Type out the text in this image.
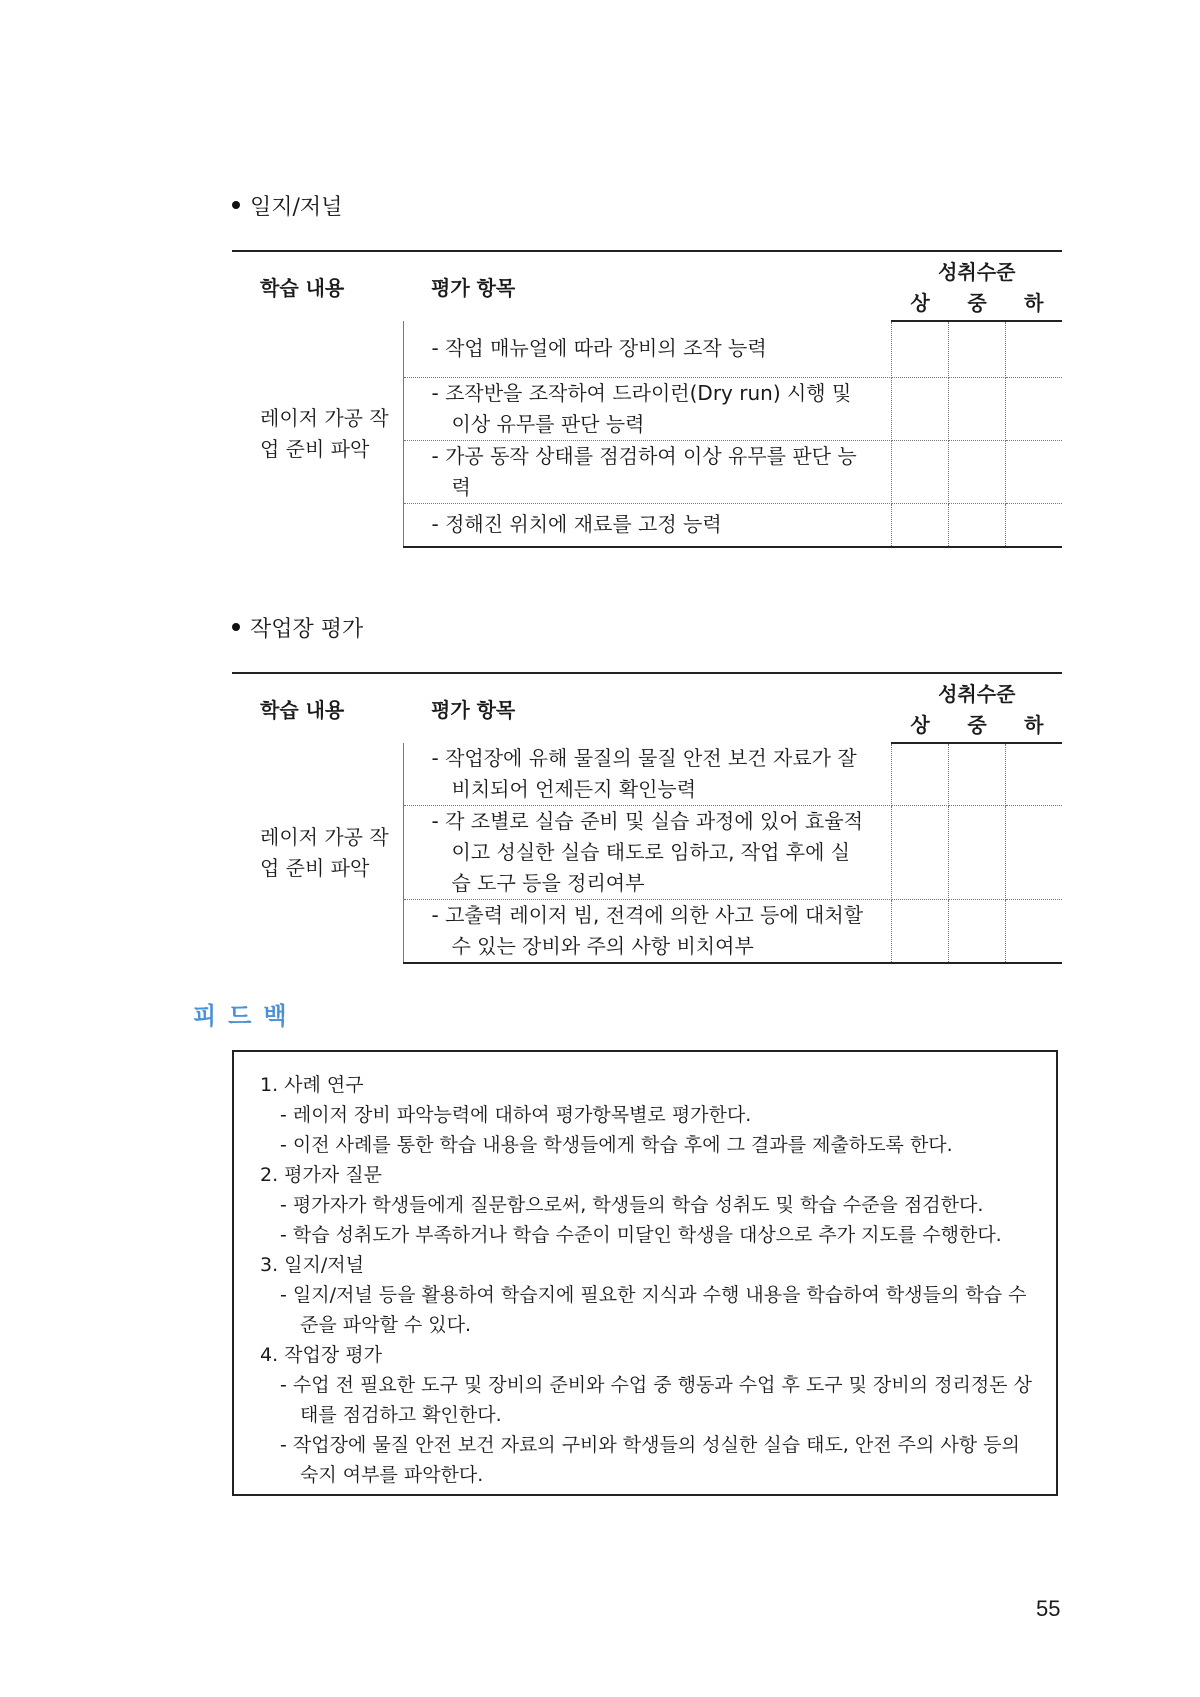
일지/저널
학습 내용	평가 항목	성취수준		
		상	중	하
레이저 가공 작업 준비 파악	- 작업 매뉴얼에 따라 장비의 조작 능력			

	- 조작반을 조작하여 드라이런(Dry run) 시행 및 이상 유무를 판단 능력			

	- 가공 동작 상태를 점검하여 이상 유무를 판단 능력			

	- 정해진 위치에 재료를 고정 능력			

작업장 평가
학습 내용	평가 항목	성취수준		
		상	중	하
레이저 가공 작업 준비 파악	- 작업장에 유해 물질의 물질 안전 보건 자료가 잘 비치되어 언제든지 확인능력			

	- 각 조별로 실습 준비 및 실습 과정에 있어 효율적이고 성실한 실습 태도로 임하고, 작업 후에 실습 도구 등을 정리여부			

	- 고출력 레이저 빔, 전격에 의한 사고 등에 대처할 수 있는 장비와 주의 사항 비치여부			

피드백

1. 사례 연구

- 레이저 장비 파악능력에 대하여 평가항목별로 평가한다.

- 이전 사례를 통한 학습 내용을 학생들에게 학습 후에 그 결과를 제출하도록 한다.

2. 평가자 질문

- 평가자가 학생들에게 질문함으로써, 학생들의 학습 성취도 및 학습 수준을 점검한다.

- 학습 성취도가 부족하거나 학습 수준이 미달인 학생을 대상으로 추가 지도를 수행한다.

3. 일지/저널

- 일지/저널 등을 활용하여 학습지에 필요한 지식과 수행 내용을 학습하여 학생들의 학습 수준을 파악할 수 있다.

4. 작업장 평가

- 수업 전 필요한 도구 및 장비의 준비와 수업 중 행동과 수업 후 도구 및 장비의 정리정돈 상태를 점검하고 확인한다.

- 작업장에 물질 안전 보건 자료의 구비와 학생들의 성실한 실습 태도, 안전 주의 사항 등의 숙지 여부를 파악한다.

55
